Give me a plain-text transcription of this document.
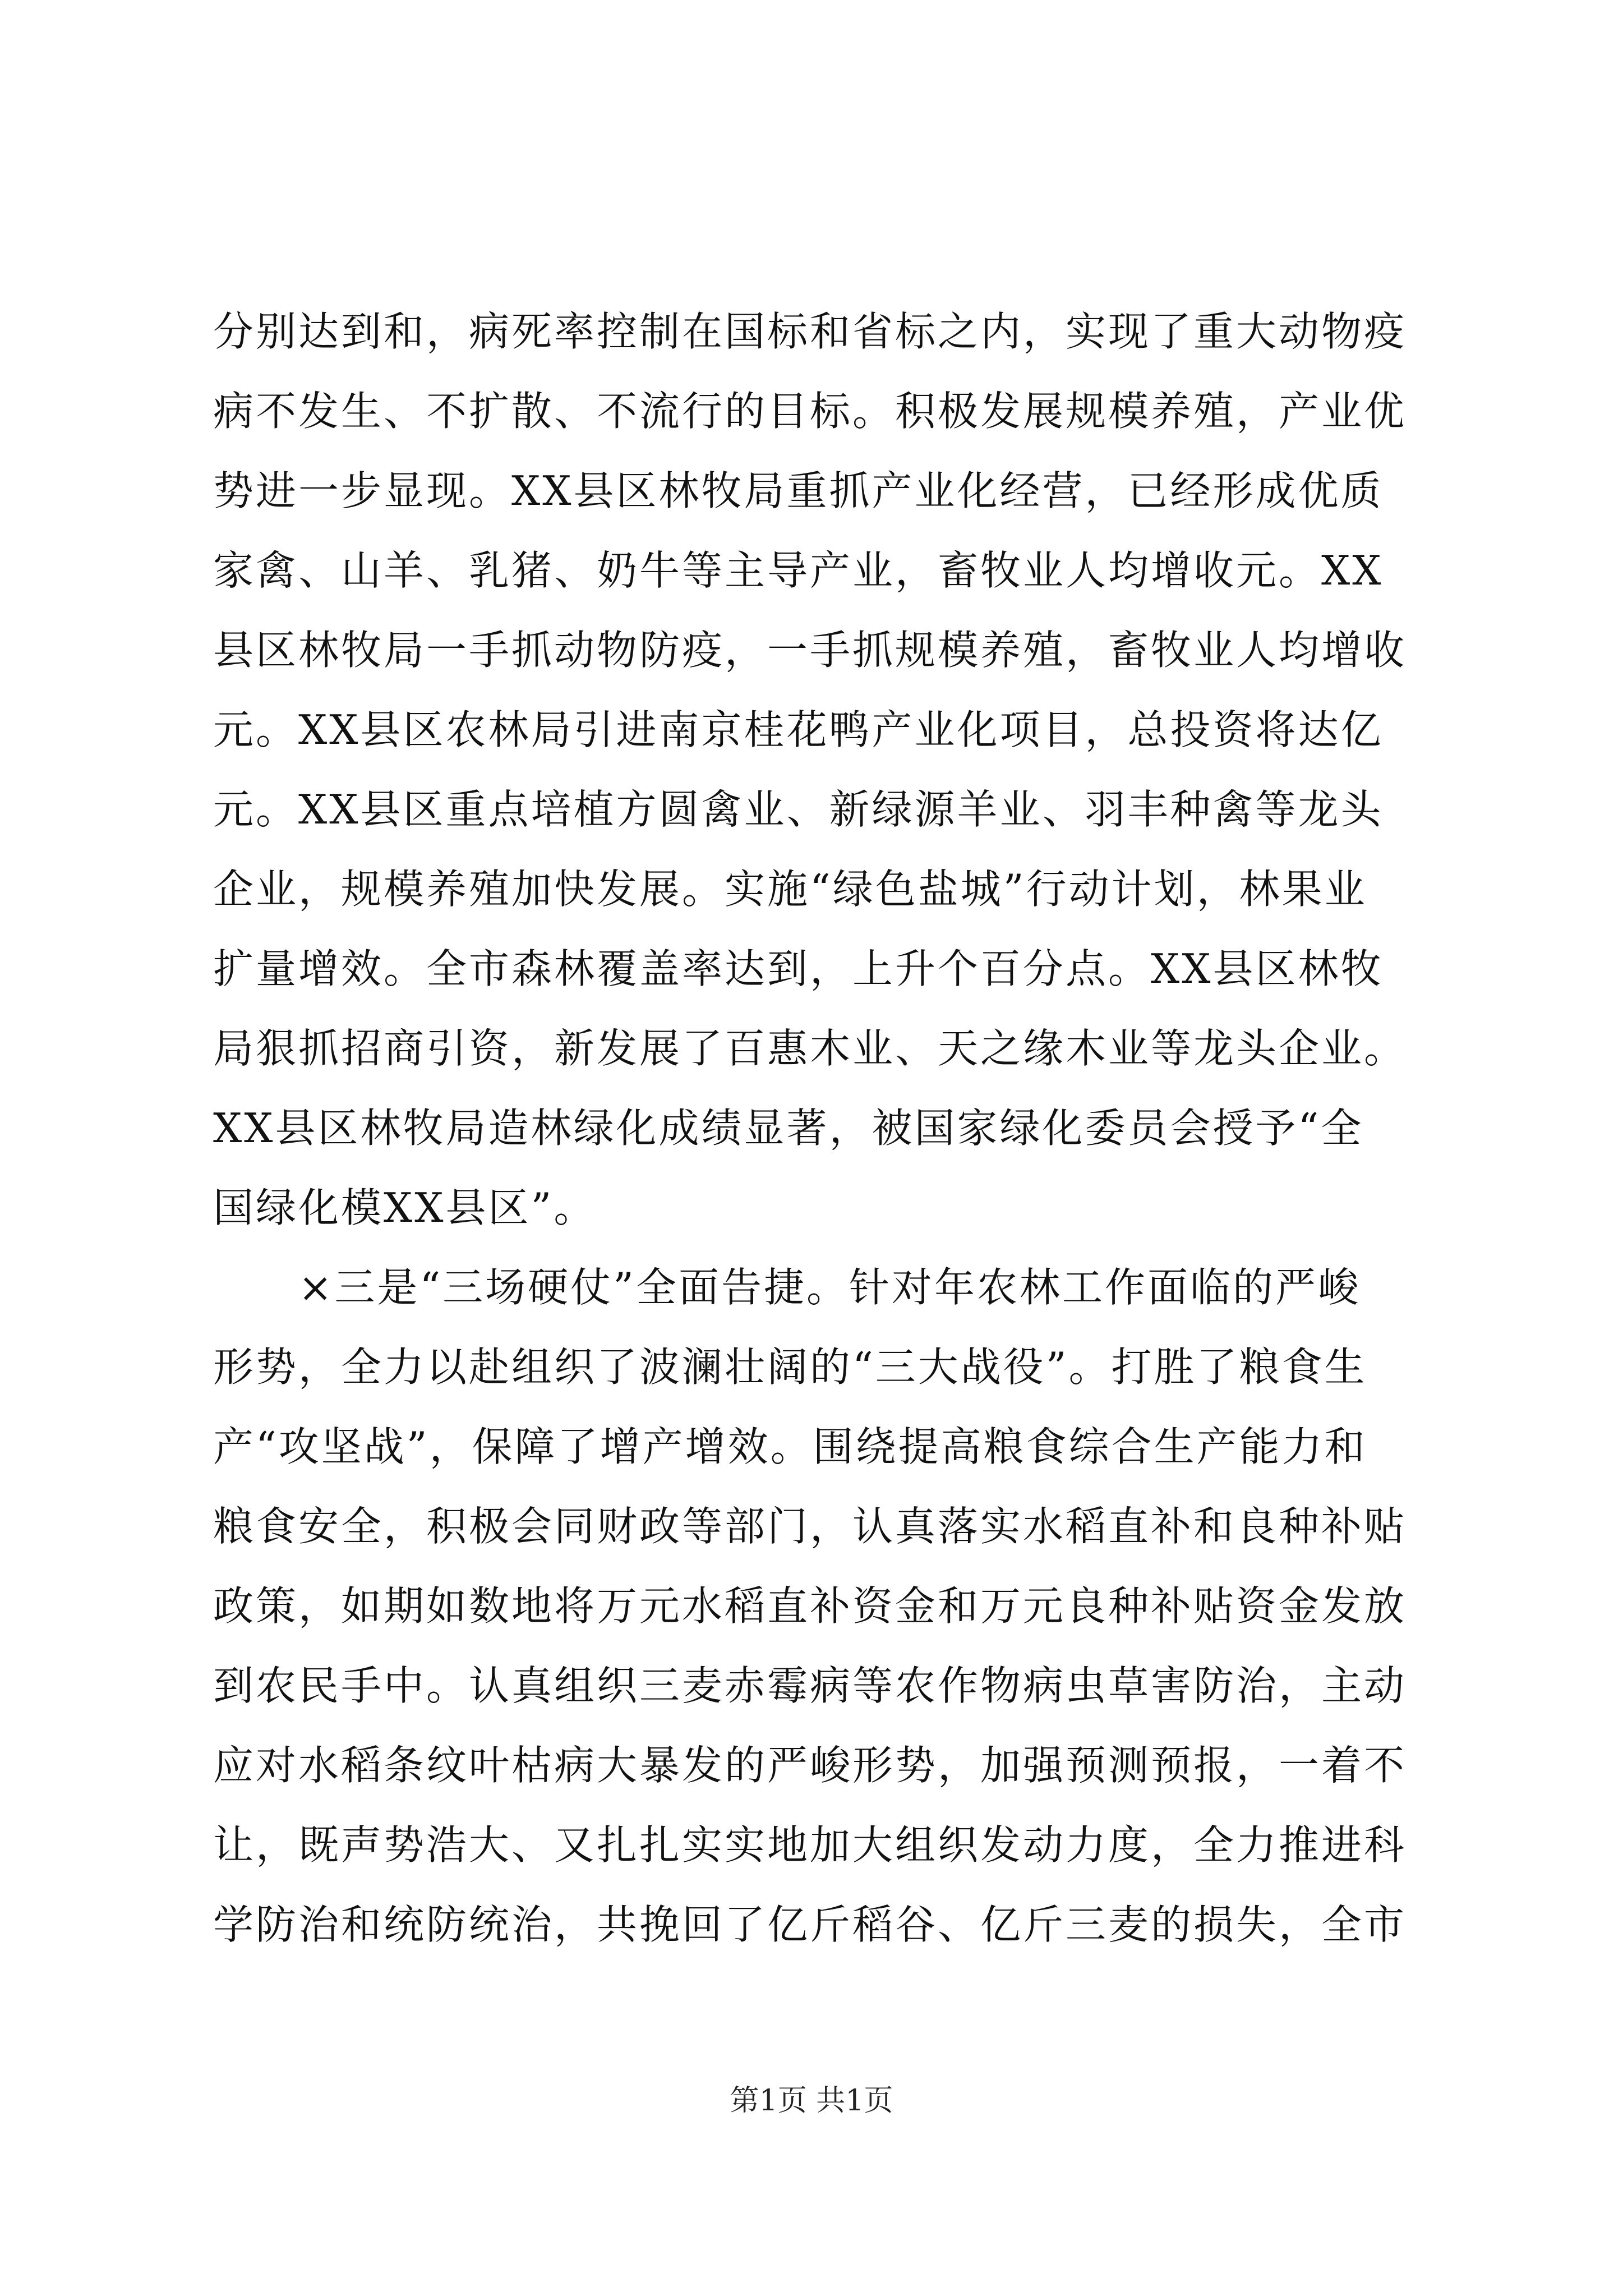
分别达到和，病死率控制在国标和省标之内，实现了重大动物疫
病不发生、不扩散、不流行的目标。积极发展规模养殖，产业优
势进一步显现。XX县区林牧局重抓产业化经营，已经形成优质
家禽、山羊、乳猪、奶牛等主导产业，畜牧业人均增收元。XX
县区林牧局一手抓动物防疫，一手抓规模养殖，畜牧业人均增收
元。XX县区农林局引进南京桂花鸭产业化项目，总投资将达亿
元。XX县区重点培植方圆禽业、新绿源羊业、羽丰种禽等龙头
企业，规模养殖加快发展。实施“绿色盐城”行动计划，林果业
扩量增效。全市森林覆盖率达到，上升个百分点。XX县区林牧
局狠抓招商引资，新发展了百惠木业、天之缘木业等龙头企业。
XX县区林牧局造林绿化成绩显著，被国家绿化委员会授予“全
国绿化模XX县区”。
　　×三是“三场硬仗”全面告捷。针对年农林工作面临的严峻
形势，全力以赴组织了波澜壮阔的“三大战役”。打胜了粮食生
产“攻坚战”，保障了增产增效。围绕提高粮食综合生产能力和
粮食安全，积极会同财政等部门，认真落实水稻直补和良种补贴
政策，如期如数地将万元水稻直补资金和万元良种补贴资金发放
到农民手中。认真组织三麦赤霉病等农作物病虫草害防治，主动
应对水稻条纹叶枯病大暴发的严峻形势，加强预测预报，一着不
让，既声势浩大、又扎扎实实地加大组织发动力度，全力推进科
学防治和统防统治，共挽回了亿斤稻谷、亿斤三麦的损失，全市
第1页 共1页
